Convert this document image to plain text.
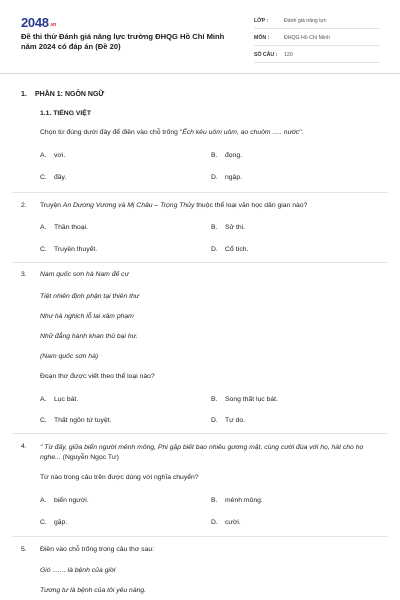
2048.vn
Đề thi thử Đánh giá năng lực trường ĐHQG Hồ Chí Minh năm 2024 có đáp án (Đề 20)
LỚP :	Đánh giá năng lực
MÔN :	ĐHQG Hồ Chí Minh
SỐ CÂU :	120
1. PHẦN 1: NGÔN NGỮ
1.1. TIẾNG VIỆT
Chọn từ đúng dưới đây để điền vào chỗ trống "Ếch kêu uôm uôm, ao chuôm ..... nước".
A. vơi.	B. đọng.
C. đầy.	D. ngập.
2. Truyện An Dương Vương và Mị Châu – Trọng Thủy thuộc thể loại văn học dân gian nào?
A. Thần thoại.	B. Sử thi.
C. Truyền thuyết.	D. Cổ tích.
3. Nam quốc sơn hà Nam đế cư
Tiệt nhiên định phận tại thiên thư
Như hà nghịch lỗ lai xâm phạm
Nhữ đẳng hành khan thủ bại hư.
(Nam quốc sơn hà)
Đoạn thơ được viết theo thể loại nào?
A. Lục bát.	B. Song thất lục bát.
C. Thất ngôn tứ tuyệt.	D. Tự do.
4. " Từ đấy, giữa biển người mênh mông, Phi gặp biết bao nhiêu gương mặt, cùng cười đùa với họ, hát cho họ nghe... (Nguyễn Ngọc Tư)
Từ nào trong câu trên được dùng với nghĩa chuyển?
A. biển người.	B. mênh mông.
C. gặp.	D. cười.
5. Điền vào chỗ trống trong câu thơ sau:
Gió ....... là bệnh của giời
Tương tư là bệnh của tôi yêu nàng.
